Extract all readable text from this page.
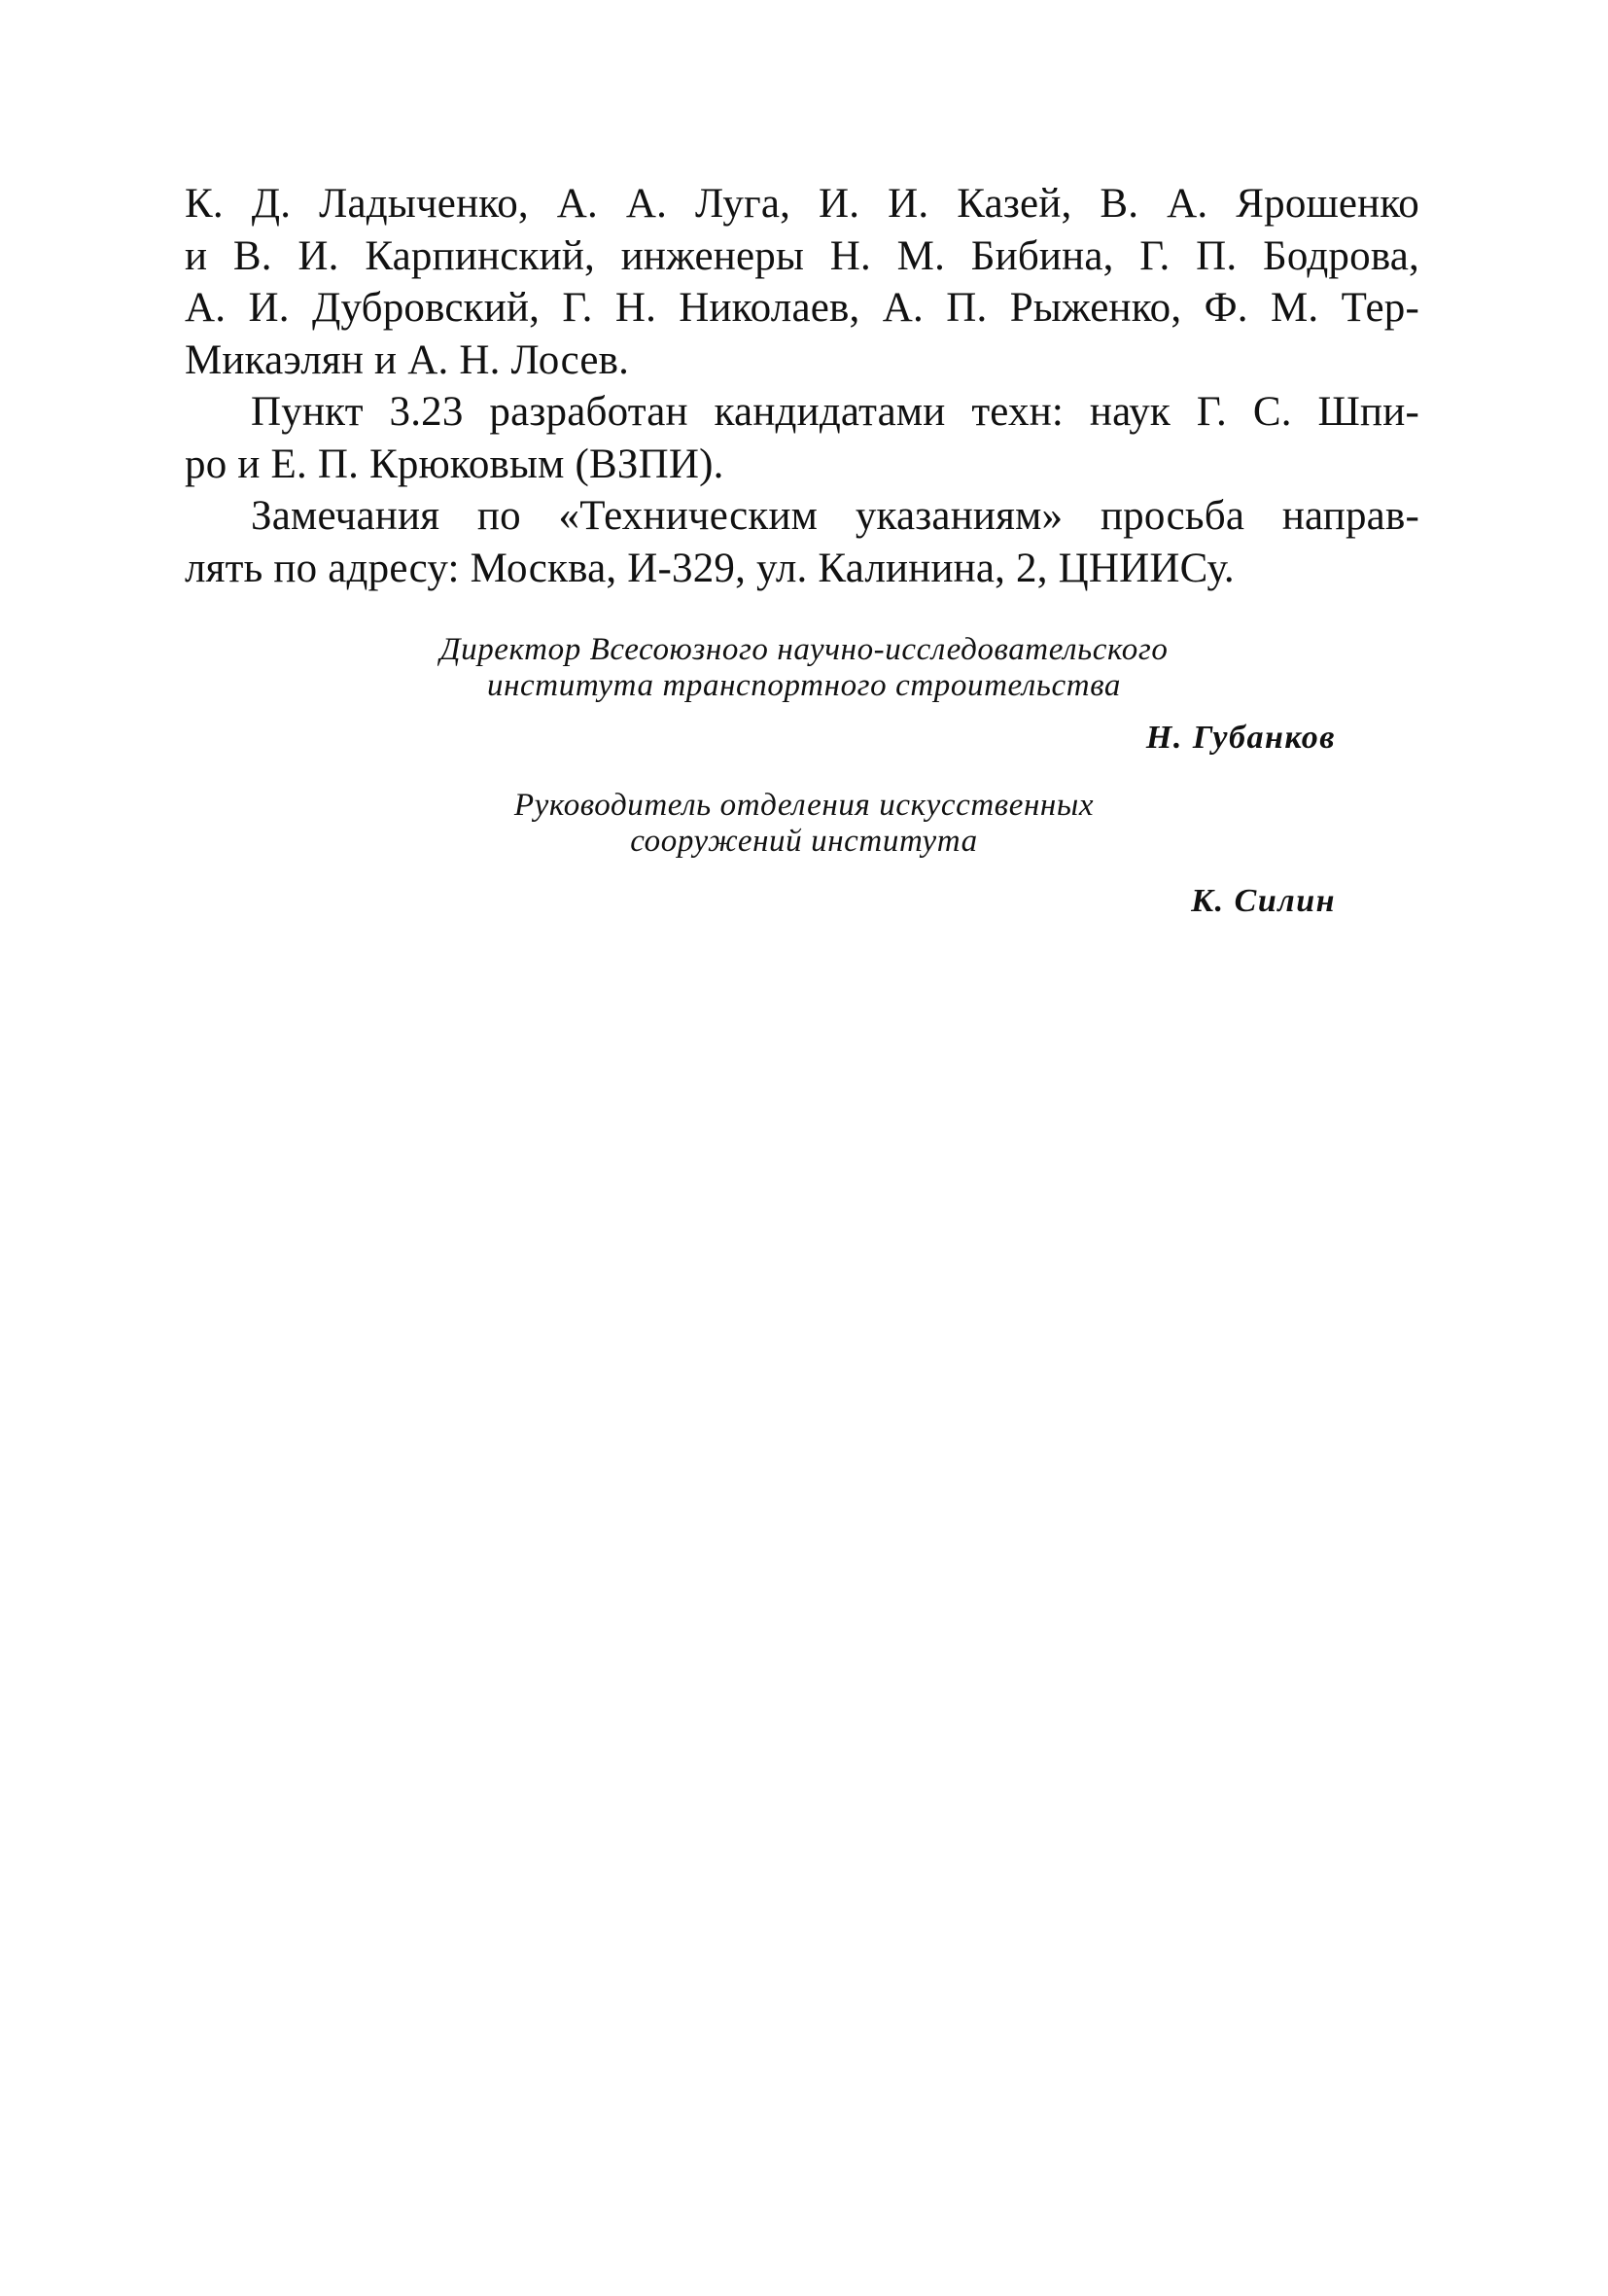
К. Д. Ладыченко, А. А. Луга, И. И. Казей, В. А. Ярошенко
и В. И. Карпинский, инженеры Н. М. Бибина, Г. П. Бодрова,
А. И. Дубровский, Г. Н. Николаев, А. П. Рыженко, Ф. М. Тер-
Микаэлян и А. Н. Лосев.
Пункт 3.23 разработан кандидатами техн: наук Г. С. Шпи-
ро и Е. П. Крюковым (ВЗПИ).
Замечания по «Техническим указаниям» просьба направ-
лять по адресу: Москва, И-329, ул. Калинина, 2, ЦНИИСу.
Директор Всесоюзного научно-исследовательского
института транспортного строительства
Н. Губанков
Руководитель отделения искусственных
сооружений института
К. Силин
